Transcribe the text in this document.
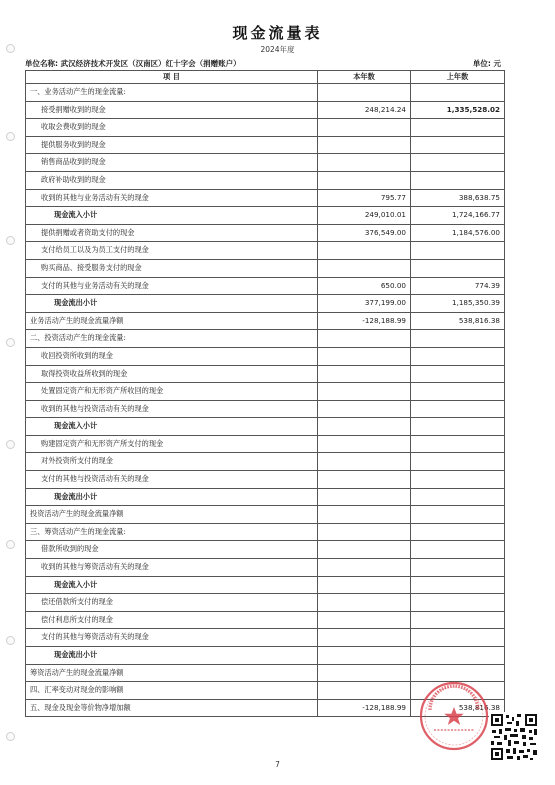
现金流量表
2024年度
单位名称: 武汉经济技术开发区（汉南区）红十字会（捐赠账户）	单位: 元
项 目	本年数	上年数
一、业务活动产生的现金流量:		
接受捐赠收到的现金	248,214.24	1,335,528.02
收取会费收到的现金		
提供服务收到的现金		
销售商品收到的现金		
政府补助收到的现金		
收到的其他与业务活动有关的现金	795.77	388,638.75
现金流入小计	249,010.01	1,724,166.77
提供捐赠或者资助支付的现金	376,549.00	1,184,576.00
支付给员工以及为员工支付的现金		
购买商品、接受服务支付的现金		
支付的其他与业务活动有关的现金	650.00	774.39
现金流出小计	377,199.00	1,185,350.39
业务活动产生的现金流量净额	-128,188.99	538,816.38
二、投资活动产生的现金流量:		
收回投资所收到的现金		
取得投资收益所收到的现金		
处置固定资产和无形资产所收回的现金		
收到的其他与投资活动有关的现金		
现金流入小计		
购建固定资产和无形资产所支付的现金		
对外投资所支付的现金		
支付的其他与投资活动有关的现金		
现金流出小计		
投资活动产生的现金流量净额		
三、筹资活动产生的现金流量:		
借款所收到的现金		
收到的其他与筹资活动有关的现金		
现金流入小计		
偿还借款所支付的现金		
偿付利息所支付的现金		
支付的其他与筹资活动有关的现金		
现金流出小计		
筹资活动产生的现金流量净额		
四、汇率变动对现金的影响额		
五、现金及现金等价物净增加额	-128,188.99	538,816.38
7
